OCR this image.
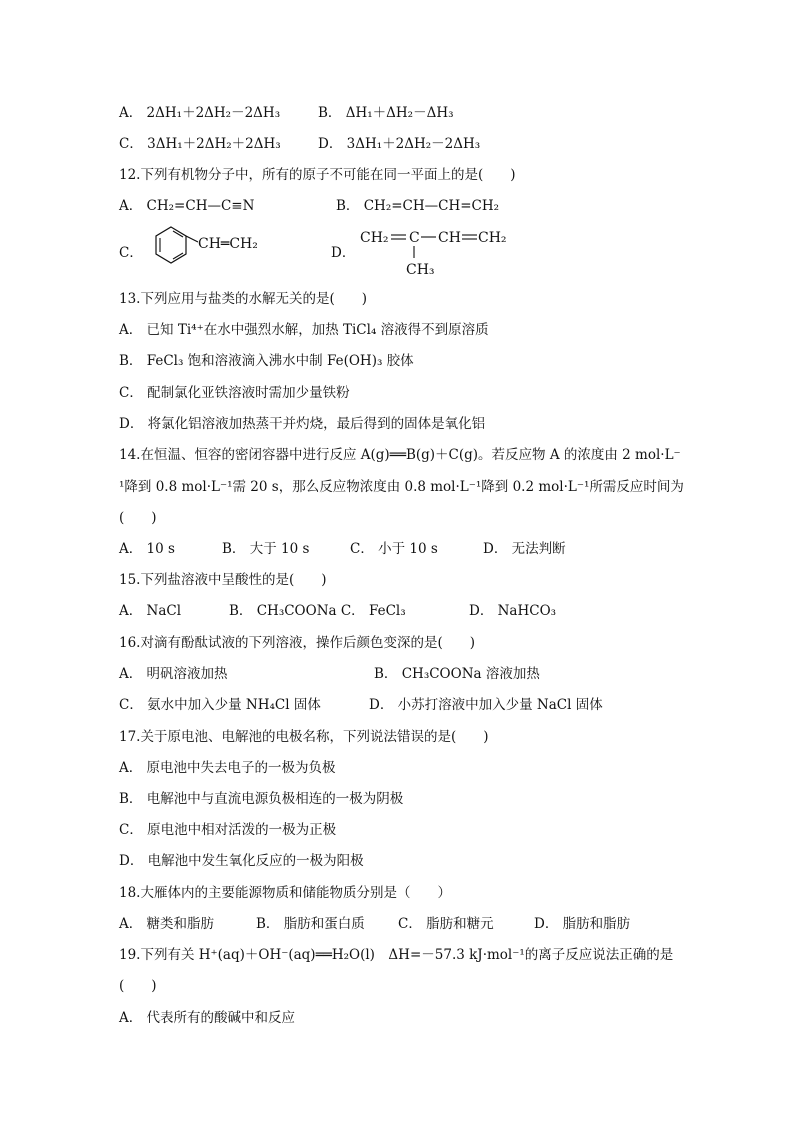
A． 2ΔH₁＋2ΔH₂－2ΔH₃	B． ΔH₁＋ΔH₂－ΔH₃
C． 3ΔH₁＋2ΔH₂＋2ΔH₃	D． 3ΔH₁＋2ΔH₂－2ΔH₃
12.下列有机物分子中，所有的原子不可能在同一平面上的是(　　)
A． CH₂=CH—C≡N	B． CH₂=CH—CH=CH₂
C．
CH═CH₂
D．
CH₂ C CH CH₂
CH₃
13.下列应用与盐类的水解无关的是(　　)
A． 已知 Ti⁴⁺在水中强烈水解，加热 TiCl₄ 溶液得不到原溶质
B． FeCl₃ 饱和溶液滴入沸水中制 Fe(OH)₃ 胶体
C． 配制氯化亚铁溶液时需加少量铁粉
D． 将氯化铝溶液加热蒸干并灼烧，最后得到的固体是氧化铝
14.在恒温、恒容的密闭容器中进行反应 A(g)══B(g)＋C(g)。若反应物 A 的浓度由 2 mol·L⁻
¹降到 0.8 mol·L⁻¹需 20 s，那么反应物浓度由 0.8 mol·L⁻¹降到 0.2 mol·L⁻¹所需反应时间为
(　　)
A． 10 s	B． 大于 10 s	C． 小于 10 s	D． 无法判断
15.下列盐溶液中呈酸性的是(　　)
A． NaCl	B． CH₃COONa C． FeCl₃	D． NaHCO₃
16.对滴有酚酞试液的下列溶液，操作后颜色变深的是(　　)
A． 明矾溶液加热	B． CH₃COONa 溶液加热
C． 氨水中加入少量 NH₄Cl 固体	D． 小苏打溶液中加入少量 NaCl 固体
17.关于原电池、电解池的电极名称，下列说法错误的是(　　)
A． 原电池中失去电子的一极为负极
B． 电解池中与直流电源负极相连的一极为阴极
C． 原电池中相对活泼的一极为正极
D． 电解池中发生氧化反应的一极为阳极
18.大雁体内的主要能源物质和储能物质分别是（　　）
A． 糖类和脂肪	B． 脂肪和蛋白质 C． 脂肪和糖元	D． 脂肪和脂肪
19.下列有关 H⁺(aq)＋OH⁻(aq)══H₂O(l)　ΔH=－57.3 kJ·mol⁻¹的离子反应说法正确的是
(　　)
A． 代表所有的酸碱中和反应
